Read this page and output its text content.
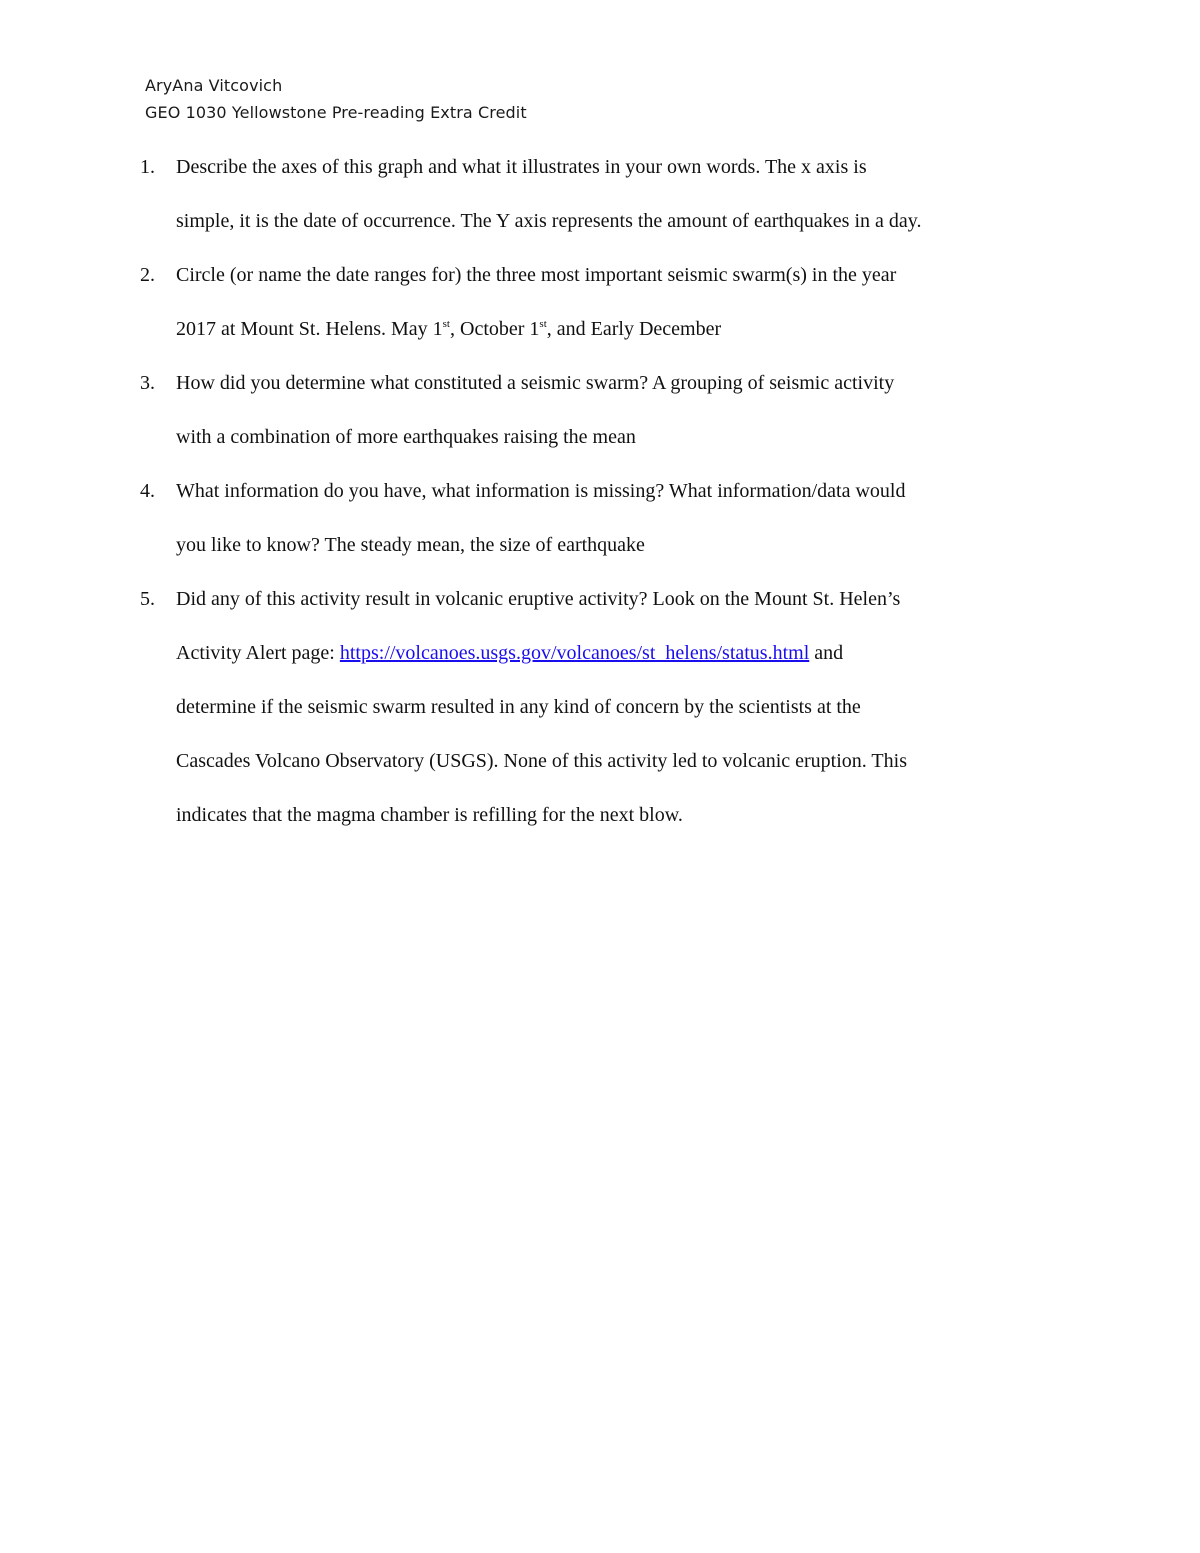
AryAna Vitcovich
GEO 1030 Yellowstone Pre-reading Extra Credit
1.	Describe the axes of this graph and what it illustrates in your own words. The x axis is
simple, it is the date of occurrence. The Y axis represents the amount of earthquakes in a day.
2.	Circle (or name the date ranges for) the three most important seismic swarm(s) in the year
2017 at Mount St. Helens. May 1st, October 1st, and Early December
3.	How did you determine what constituted a seismic swarm? A grouping of seismic activity
with a combination of more earthquakes raising the mean
4.	What information do you have, what information is missing? What information/data would
you like to know? The steady mean, the size of earthquake
5.	Did any of this activity result in volcanic eruptive activity? Look on the Mount St. Helen’s
Activity Alert page: https://volcanoes.usgs.gov/volcanoes/st_helens/status.html and
determine if the seismic swarm resulted in any kind of concern by the scientists at the
Cascades Volcano Observatory (USGS). None of this activity led to volcanic eruption. This
indicates that the magma chamber is refilling for the next blow.
